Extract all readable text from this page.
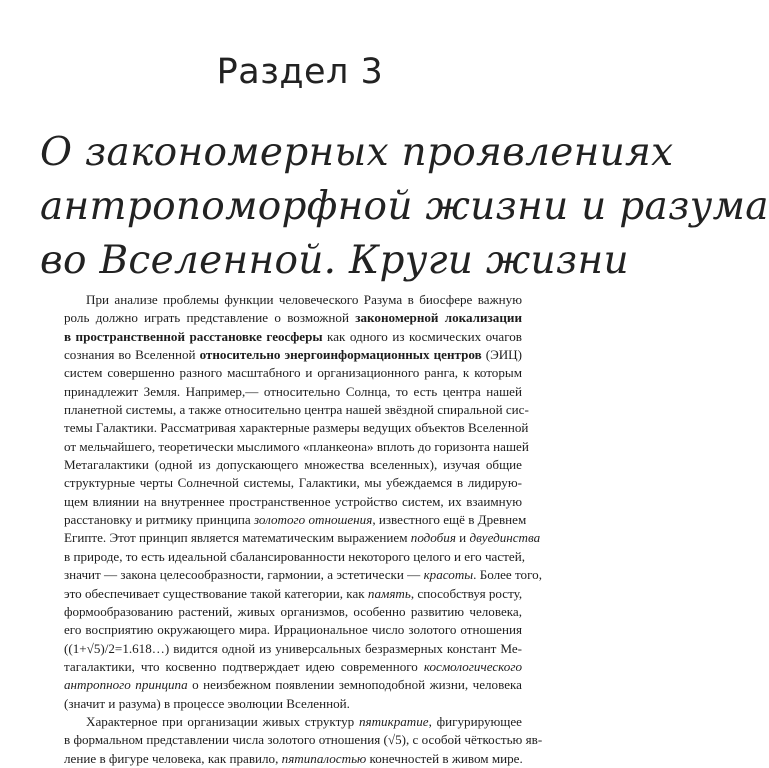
Раздел 3
О закономерных проявлениях
антропоморфной жизни и разума
во Вселенной. Круги жизни
При анализе проблемы функции человеческого Разума в биосфере важную
роль должно играть представление о возможной закономерной локализации
в пространственной расстановке геосферы как одного из космических очагов
сознания во Вселенной относительно энергоинформационных центров (ЭИЦ)
систем совершенно разного масштабного и организационного ранга, к которым
принадлежит Земля. Например,— относительно Солнца, то есть центра нашей
планетной системы, а также относительно центра нашей звёздной спиральной сис-
темы Галактики. Рассматривая характерные размеры ведущих объектов Вселенной
от мельчайшего, теоретически мыслимого «планкеона» вплоть до горизонта нашей
Метагалактики (одной из допускающего множества вселенных), изучая общие
структурные черты Солнечной системы, Галактики, мы убеждаемся в лидирую-
щем влиянии на внутреннее пространственное устройство систем, их взаимную
расстановку и ритмику принципа золотого отношения, известного ещё в Древнем
Египте. Этот принцип является математическим выражением подобия и двуединства
в природе, то есть идеальной сбалансированности некоторого целого и его частей,
значит — закона целесообразности, гармонии, а эстетически — красоты. Более того,
это обеспечивает существование такой категории, как память, способствуя росту,
формообразованию растений, живых организмов, особенно развитию человека,
его восприятию окружающего мира. Иррациональное число золотого отношения
((1+√5)/2=1.618…) видится одной из универсальных безразмерных констант Ме-
тагалактики, что косвенно подтверждает идею современного космологического
антропного принципа о неизбежном появлении земноподобной жизни, человека
(значит и разума) в процессе эволюции Вселенной.
Характерное при организации живых структур пятикратие, фигурирующее
в формальном представлении числа золотого отношения (√5), с особой чёткостью яв-
ление в фигуре человека, как правило, пятипалостью конечностей в живом мире.
